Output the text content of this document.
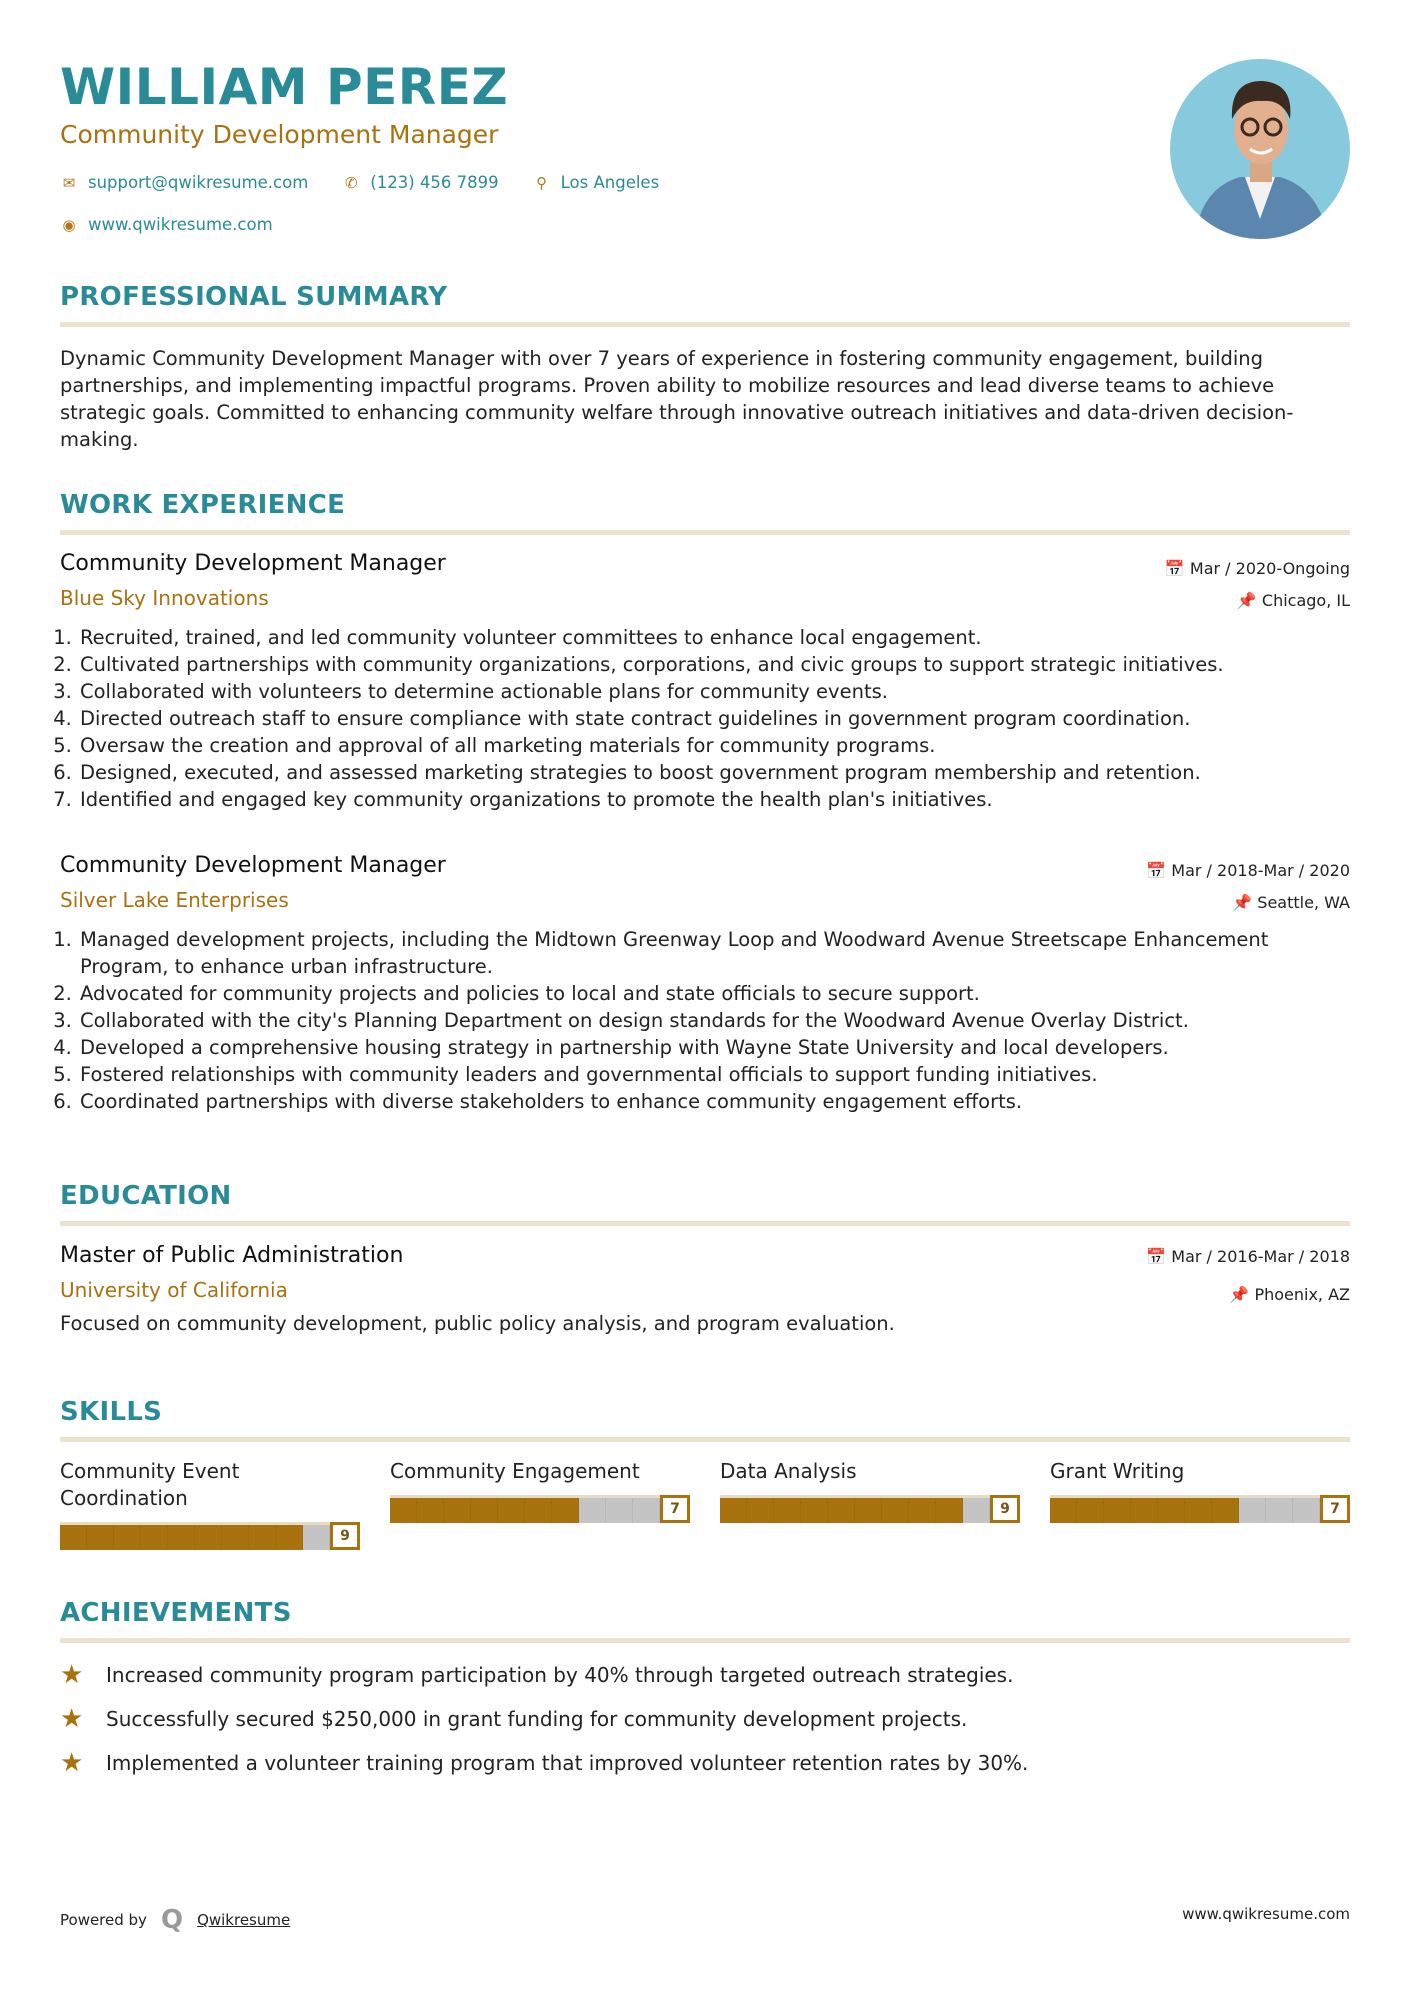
WILLIAM PEREZ
Community Development Manager
✉ support@qwikresume.com ✆ (123) 456 7899	⚲ Los Angeles
◉ www.qwikresume.com
PROFESSIONAL SUMMARY

Dynamic Community Development Manager with over 7 years of experience in fostering community engagement, building partnerships, and implementing impactful programs. Proven ability to mobilize resources and lead diverse teams to achieve strategic goals. Committed to enhancing community welfare through innovative outreach initiatives and data-driven decision-making.

WORK EXPERIENCE
📅 Mar / 2020-Ongoing
📌 Chicago, IL
Community Development Manager
Blue Sky Innovations
1. Recruited, trained, and led community volunteer committees to enhance local engagement.
2. Cultivated partnerships with community organizations, corporations, and civic groups to support strategic initiatives.
3. Collaborated with volunteers to determine actionable plans for community events.
4. Directed outreach staff to ensure compliance with state contract guidelines in government program coordination.
5. Oversaw the creation and approval of all marketing materials for community programs.
6. Designed, executed, and assessed marketing strategies to boost government program membership and retention.
7. Identified and engaged key community organizations to promote the health plan's initiatives.
📅 Mar / 2018-Mar / 2020
📌 Seattle, WA
Community Development Manager
Silver Lake Enterprises
1. Managed development projects, including the Midtown Greenway Loop and Woodward Avenue Streetscape Enhancement Program, to enhance urban infrastructure.
2. Advocated for community projects and policies to local and state officials to secure support.
3. Collaborated with the city's Planning Department on design standards for the Woodward Avenue Overlay District.
4. Developed a comprehensive housing strategy in partnership with Wayne State University and local developers.
5. Fostered relationships with community leaders and governmental officials to support funding initiatives.
6. Coordinated partnerships with diverse stakeholders to enhance community engagement efforts.
EDUCATION
📅 Mar / 2016-Mar / 2018
📌 Phoenix, AZ
Master of Public Administration
University of California

Focused on community development, public policy analysis, and program evaluation.

SKILLS
Community Event Coordination
9
Community Engagement
7
Data Analysis
9
Grant Writing
7
ACHIEVEMENTS
★	Increased community program participation by 40% through targeted outreach strategies.
★	Successfully secured $250,000 in grant funding for community development projects.
★	Implemented a volunteer training program that improved volunteer retention rates by 30%.
Powered by Q Qwikresume	www.qwikresume.com
